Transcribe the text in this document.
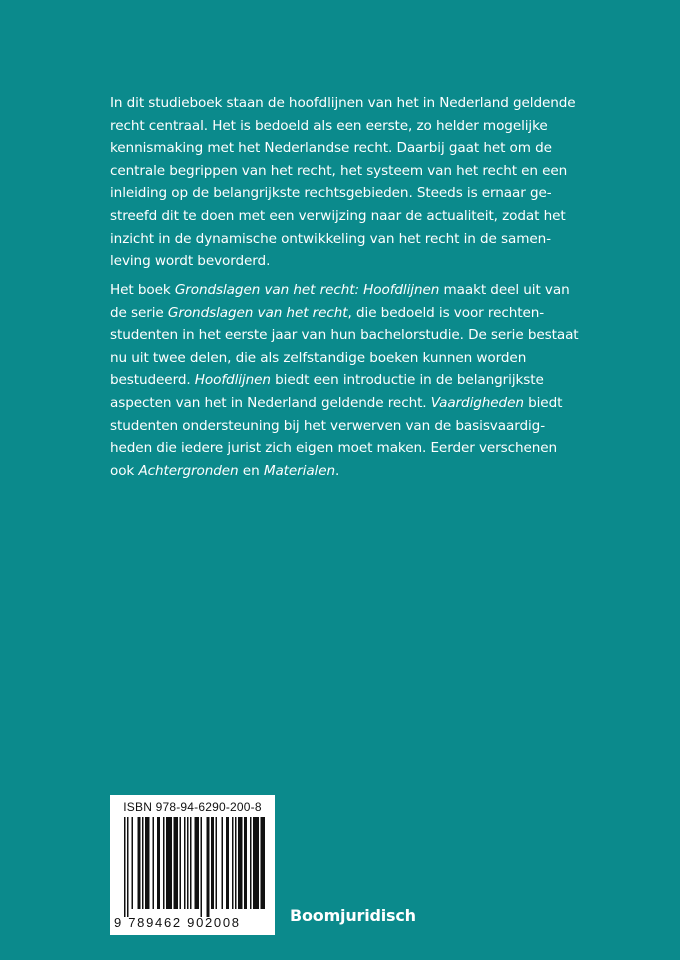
In dit studieboek staan de hoofdlijnen van het in Nederland geldende
recht centraal. Het is bedoeld als een eerste, zo helder mogelijke
kennismaking met het Nederlandse recht. Daarbij gaat het om de
centrale begrippen van het recht, het systeem van het recht en een
inleiding op de belangrijkste rechtsgebieden. Steeds is ernaar ge-
streefd dit te doen met een verwijzing naar de actualiteit, zodat het
inzicht in de dynamische ontwikkeling van het recht in de samen-
leving wordt bevorderd.
Het boek Grondslagen van het recht: Hoofdlijnen maakt deel uit van
de serie Grondslagen van het recht, die bedoeld is voor rechten-
studenten in het eerste jaar van hun bachelorstudie. De serie bestaat
nu uit twee delen, die als zelfstandige boeken kunnen worden
bestudeerd. Hoofdlijnen biedt een introductie in de belangrijkste
aspecten van het in Nederland geldende recht. Vaardigheden biedt
studenten ondersteuning bij het verwerven van de basisvaardig-
heden die iedere jurist zich eigen moet maken. Eerder verschenen
ook Achtergronden en Materialen.
ISBN 978-94-6290-200-8
9 789462 902008	Boomjuridisch
